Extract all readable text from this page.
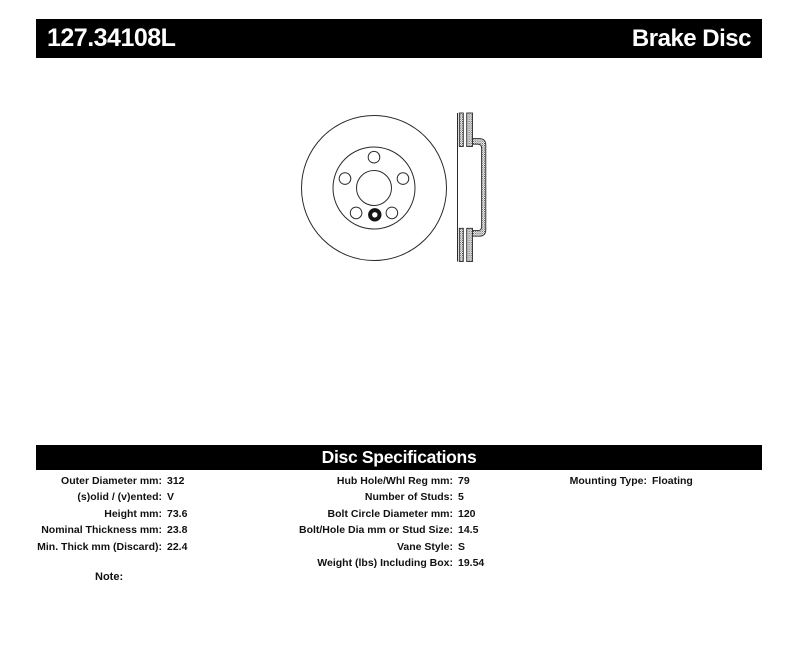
127.34108L	Brake Disc
Disc Specifications
Outer Diameter mm: 312
(s)olid / (v)ented: V
Height mm: 73.6
Nominal Thickness mm: 23.8
Min. Thick mm (Discard): 22.4
Hub Hole/Whl Reg mm: 79
Number of Studs: 5
Bolt Circle Diameter mm: 120
Bolt/Hole Dia mm or Stud Size: 14.5
Vane Style: S
Weight (lbs) Including Box: 19.54
Mounting Type: Floating
Note:
